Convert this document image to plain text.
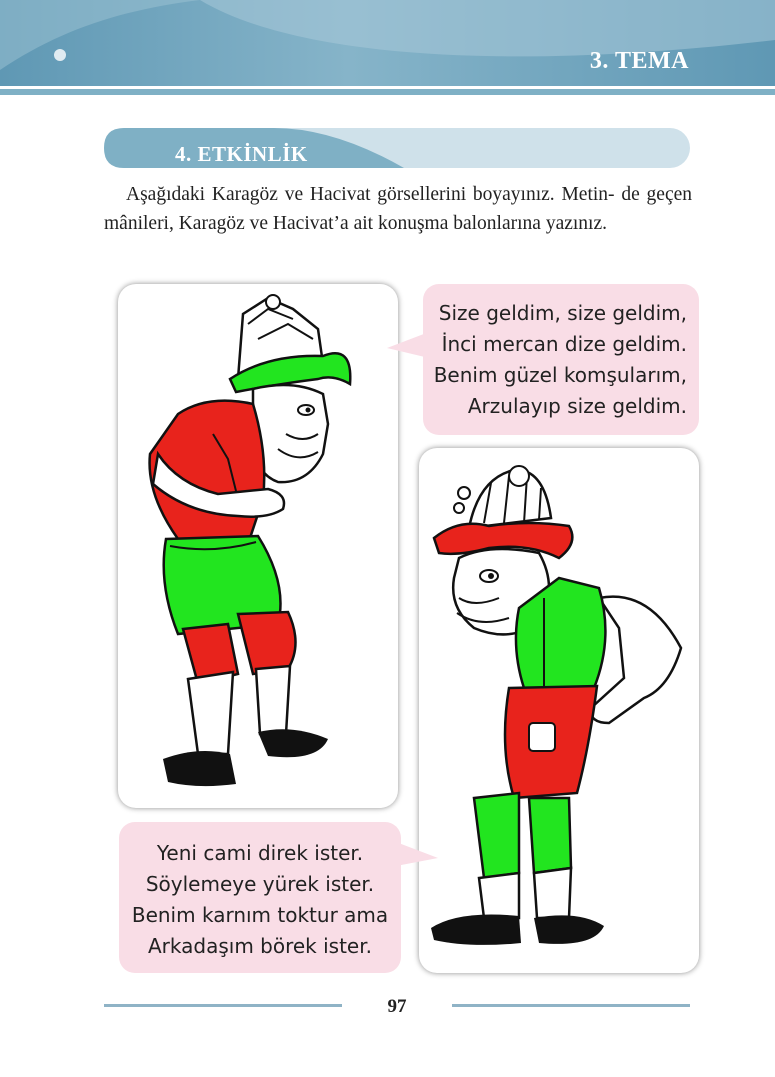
3. TEMA
4. ETKİNLİK

Aşağıdaki Karagöz ve Hacivat görsellerini boyayınız. Metin- de geçen mânileri, Karagöz ve Hacivat’a ait konuşma balonlarına yazınız.

Size geldim, size geldim,
İnci mercan dize geldim.
Benim güzel komşularım,
Arzulayıp size geldim.
Yeni cami direk ister.
Söylemeye yürek ister.
Benim karnım toktur ama
Arkadaşım börek ister.
97
